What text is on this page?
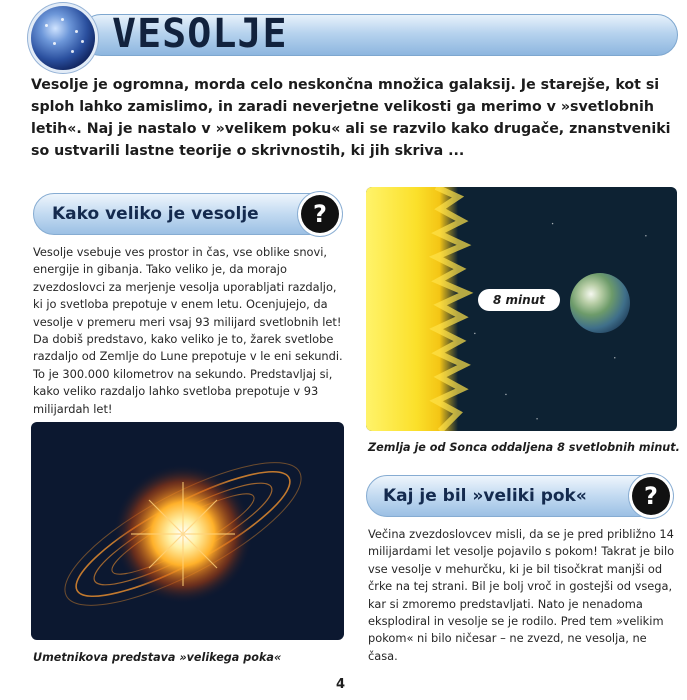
VESOLJE

Vesolje je ogromna, morda celo neskončna množica galaksij. Je starejše, kot si sploh lahko zamislimo, in zaradi neverjetne velikosti ga merimo v »svetlobnih letih«. Naj je nastalo v »velikem poku« ali se razvilo kako drugače, znanstveniki so ustvarili lastne teorije o skrivnostih, ki jih skriva ...

Kako veliko je vesolje	?

Vesolje vsebuje ves prostor in čas, vse oblike snovi, energije in gibanja. Tako veliko je, da morajo zvezdoslovci za merjenje vesolja uporabljati razdaljo, ki jo svetloba prepotuje v enem letu. Ocenjujejo, da vesolje v premeru meri vsaj 93 milijard svetlobnih let! Da dobiš predstavo, kako veliko je to, žarek svetlobe razdaljo od Zemlje do Lune prepotuje v le eni sekundi. To je 300.000 kilometrov na sekundo. Predstavljaj si, kako veliko razdaljo lahko svetloba prepotuje v 93 milijardah let!

8 minut
Zemlja je od Sonca oddaljena 8 svetlobnih minut.
Kaj je bil »veliki pok«	?

Večina zvezdoslovcev misli, da se je pred približno 14 milijardami let vesolje pojavilo s pokom! Takrat je bilo vse vesolje v mehurčku, ki je bil tisočkrat manjši od črke na tej strani. Bil je bolj vroč in gostejši od vsega, kar si zmoremo predstavljati. Nato je nenadoma eksplodiral in vesolje se je rodilo. Pred tem »velikim pokom« ni bilo ničesar – ne zvezd, ne vesolja, ne časa.

Umetnikova predstava »velikega poka«
4
